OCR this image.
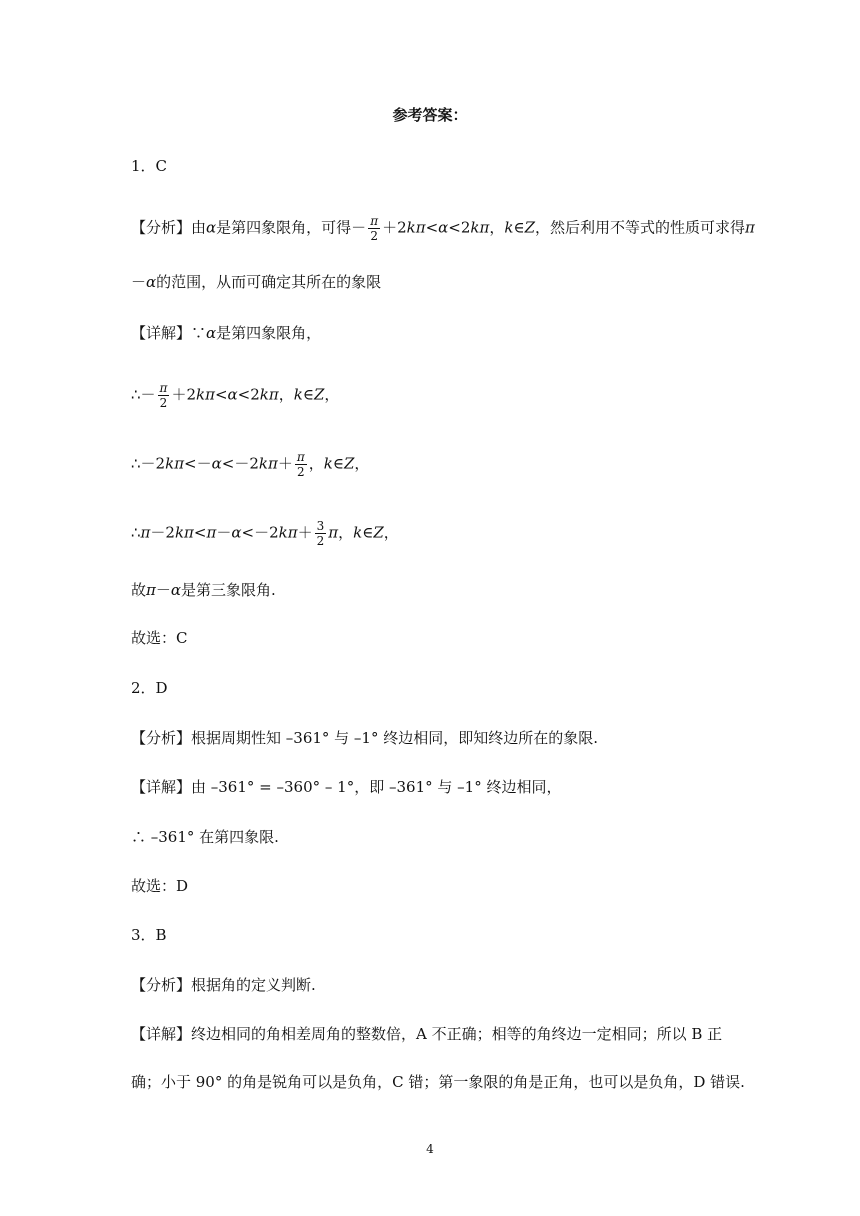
参考答案：
1．C
【分析】由α是第四象限角，可得－ $\frac{\pi}{2} +2k\pi<\alpha<2k\pi$，k∈Z，然后利用不等式的性质可求得π
－α的范围，从而可确定其所在的象限
【详解】∵α是第四象限角，
∴－ $\frac{\pi}{2} +2k\pi<\alpha<2k\pi$，k∈Z，
∴－2kπ<－α<－2kπ＋ $\frac{\pi}{2}$ ，k∈Z，
∴π－2kπ<π－α<－2kπ＋ $\frac{3}{2}$ π，k∈Z，
故π－α是第三象限角.
故选：C
2．D
【分析】根据周期性知 –361° 与 –1° 终边相同，即知终边所在的象限.
【详解】由 –361° = –360° – 1°，即 –361° 与 –1° 终边相同，
∴ –361° 在第四象限.
故选：D
3．B
【分析】根据角的定义判断.
【详解】终边相同的角相差周角的整数倍，A 不正确；相等的角终边一定相同；所以 B 正
确；小于 90° 的角是锐角可以是负角，C 错；第一象限的角是正角，也可以是负角，D 错误.
4
